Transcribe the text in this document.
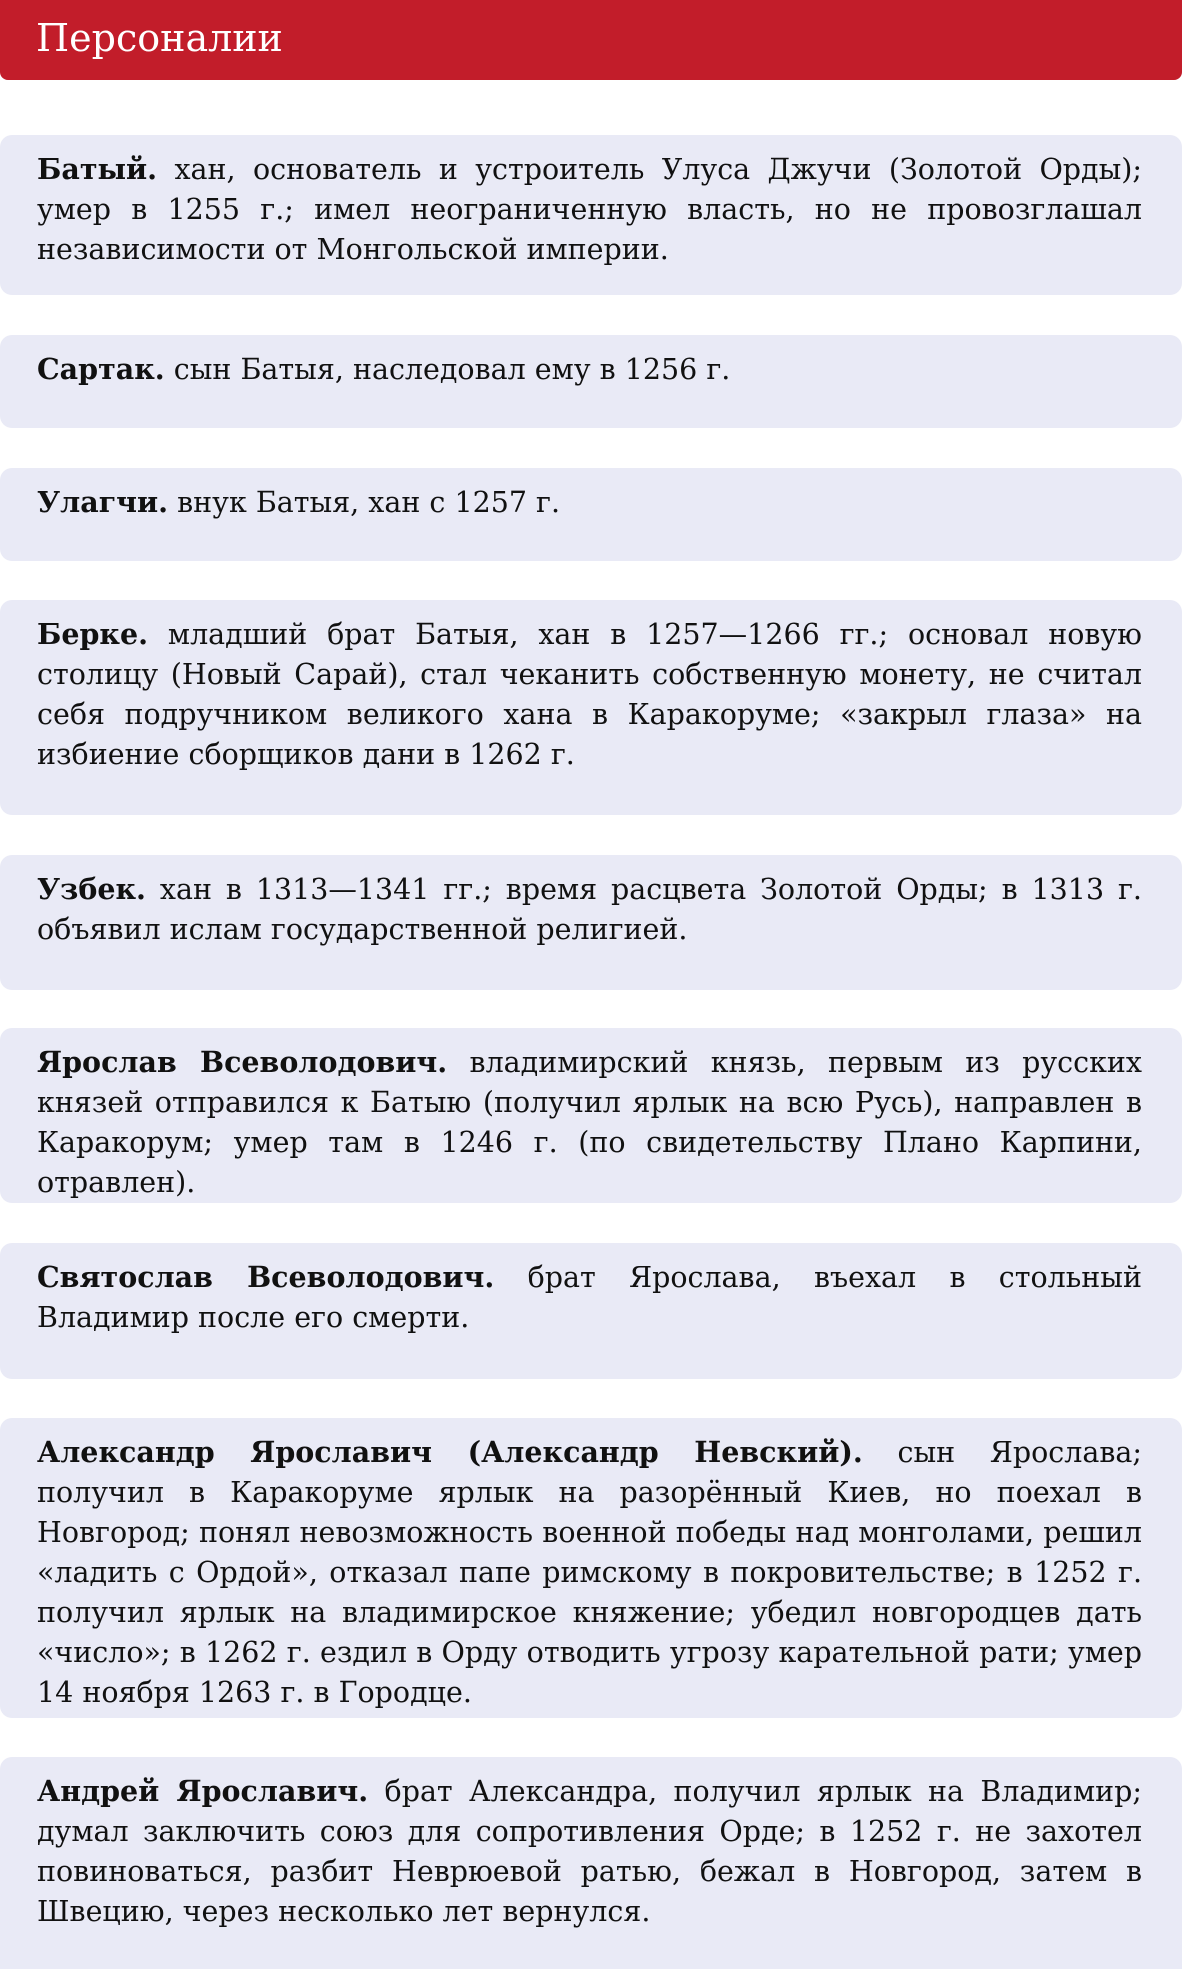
Персоналии
Батый. хан, основатель и устроитель Улуса Джучи (Золотой Орды); умер в 1255 г.; имел неограниченную власть, но не провозглашал независимости от Монгольской империи.
Сартак. сын Батыя, наследовал ему в 1256 г.
Улагчи. внук Батыя, хан с 1257 г.
Берке. младший брат Батыя, хан в 1257—1266 гг.; основал новую столицу (Новый Сарай), стал чеканить собственную монету, не считал себя подручником великого хана в Каракоруме; «закрыл глаза» на избиение сборщиков дани в 1262 г.
Узбек. хан в 1313—1341 гг.; время расцвета Золотой Орды; в 1313 г. объявил ислам государственной религией.
Ярослав Всеволодович. владимирский князь, первым из русских князей отправился к Батыю (получил ярлык на всю Русь), направлен в Каракорум; умер там в 1246 г. (по свидетельству Плано Карпини, отравлен).
Святослав Всеволодович. брат Ярослава, въехал в стольный Владимир после его смерти.
Александр Ярославич (Александр Невский). сын Ярослава; получил в Каракоруме ярлык на разорённый Киев, но поехал в Новгород; понял невозможность военной победы над монголами, решил «ладить с Ордой», отказал папе римскому в покровительстве; в 1252 г. получил ярлык на владимирское княжение; убедил новгородцев дать «число»; в 1262 г. ездил в Орду отводить угрозу карательной рати; умер 14 ноября 1263 г. в Городце.
Андрей Ярославич. брат Александра, получил ярлык на Владимир; думал заключить союз для сопротивления Орде; в 1252 г. не захотел повиноваться, разбит Неврюевой ратью, бежал в Новгород, затем в Швецию, через несколько лет вернулся.
